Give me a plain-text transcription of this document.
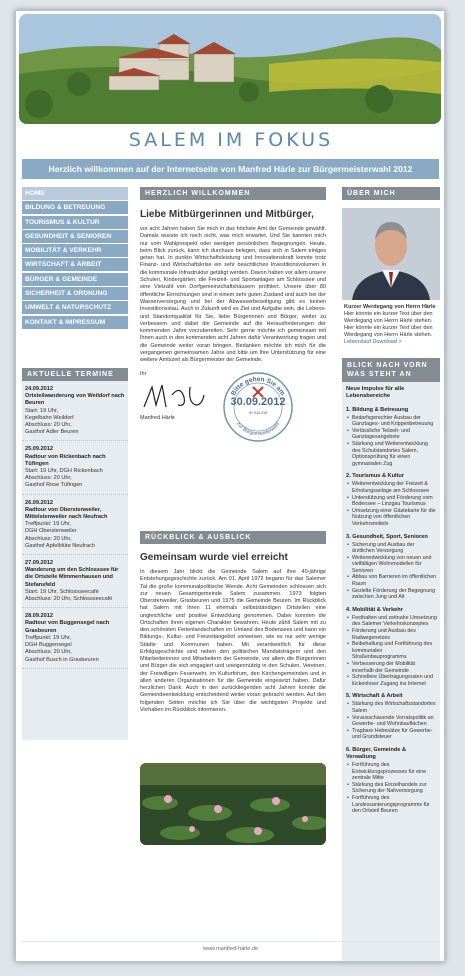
SALEM IM FOKUS
Herzlich willkommen auf der Internetseite von Manfred Härle zur Bürgermeisterwahl 2012
HOME
BILDUNG & BETREUUNG
TOURISMUS & KULTUR
GESUNDHEIT & SENIOREN
MOBILITÄT & VERKEHR
WIRTSCHAFT & ARBEIT
BÜRGER & GEMEINDE
SICHERHEIT & ORDNUNG
UMWELT & NATURSCHUTZ
KONTAKT & IMPRESSUM
AKTUELLE TERMINE
24.09.2012
Ortsteilwanderung von Weildorf nach Beuren
Start: 19 Uhr,
Kegelbahn Weildorf
Abschluss: 20 Uhr,
Gasthof Adler Beuren
25.09.2012
Radtour von Rickenbach nach Tüfingen
Start: 19 Uhr, DGH Rickenbach
Abschluss: 20 Uhr,
Gasthof Rose Tüfingen
26.09.2012
Radtour von Oberstenweiler, Mittelstenweiler nach Neufrach
Treffpunkt: 19 Uhr,
DGH Oberstenweiler
Abschluss: 20 Uhr,
Gasthof Apfelblüte Neufrach
27.09.2012
Wanderung um den Schlosssee für die Ortsteile Mimmenhausen und Stefansfeld
Start: 19 Uhr, Schlossseecafé
Abschluss: 20 Uhr, Schlossseecafé
28.09.2012
Radtour von Buggensegel nach Grasbeuren
Treffpunkt: 19 Uhr,
DGH Buggensegel
Abschluss: 20 Uhr,
Gasthof Busch in Grasbeuren
HERZLICH WILLKOMMEN
Liebe Mitbürgerinnen und Mitbürger,

vor acht Jahren haben Sie mich in das höchste Amt der Gemeinde gewählt. Damals wusste ich noch nicht, was mich erwartet. Und Sie kannten mich nur vom Wahlprospekt oder wenigen persönlichen Begegnungen. Heute, beim Blick zurück, kann ich durchaus belegen, dass sich in Salem einiges getan hat. In punkto Wirtschaftsleistung und Innovationskraft konnte trotz Finanz- und Wirtschaftskrise ein sehr beachtliches Investitionsvolumen in die kommunale Infrastruktur getätigt werden. Davon haben vor allem unsere Schulen, Kindergärten, die Freizeit- und Sportanlagen am Schlosssee und eine Vielzahl von Dorfgemeinschaftshäusern profitiert. Unsere über 80 öffentliche Einrichtungen sind in einem sehr guten Zustand und auch bei der Wasserversorgung und bei der Abwasserbeseitigung gibt es keinen Investitionsstau. Auch in Zukunft wird es Ziel und Aufgabe sein, die Lebens- und Standortqualität für Sie, liebe Bürgerinnen und Bürger, weiter zu verbessern und dabei die Gemeinde auf die Herausforderungen der kommenden Jahre vorzubereiten. Sehr gerne möchte ich gemeinsam mit Ihnen auch in den kommenden acht Jahren dafür Verantwortung tragen und die Gemeinde weiter voran bringen. Bedanken möchte ich mich für die vergangenen gemeinsamen Jahre und bitte um Ihre Unterstützung für eine weitere Amtszeit als Bürgermeister der Gemeinde.

Ihr
Manfred Härle
Bitte gehen Sie am
zur Bürgermeisterwahl
30.09.2012
IN SALEM
RÜCKBLICK & AUSBLICK
Gemeinsam wurde viel erreicht

In diesem Jahr blickt die Gemeinde Salem auf ihre 40-jährige Entstehungsgeschichte zurück. Am 01. April 1972 begann für das Salemer Tal die große kommunalpolitische Wende. Acht Gemeinden schlossen sich zur neuen Gesamtgemeinde Salem zusammen. 1973 folgten Oberstenweiler, Grasbeuren und 1975 die Gemeinde Beuren. Im Rückblick hat Salem mit ihren 11 ehemals selbstständigen Ortsteilen eine ungleichliche und positive Entwicklung genommen. Dabei konnten die Ortschaften ihren eigenen Charakter bewahren. Heute zählt Salem mit zu den schönsten Ferienlandschaften im Umland des Bodensees und kann ein Bildungs-, Kultur- und Freizeitangebot vorweisen, wie es nur sehr wenige Städte und Kommunen haben. Mit verantwortlich für diese Erfolgsgeschichte sind neben den politischen Mandatsträgern und den Mitarbeiterinnen und Mitarbeitern der Gemeinde, vor allem die Bürgerinnen und Bürger die sich engagiert und uneigennützig in den Schulen, Vereinen, der Freiwilligen Feuerwehr, im Kulturforum, den Kirchengemeinden und in allen anderen Organisationen für die Gemeinde eingesetzt haben. Dafür herzlichen Dank. Auch in den zurückliegenden acht Jahren konnte die Gemeindeentwicklung entscheidend weiter voran gebracht werden. Auf den folgenden Seiten möchte ich Sie über die wichtigsten Projekte und Vorhaben im Rückblick informieren.

ÜBER MICH
Kurzer Werdegang von Herrn Härle
Hier könnte ein kurzer Text über den Werdegang von Herrn Härle stehen. Hier könnte ein kurzer Text über den Werdegang von Herrn Härle stehen.
Lebenslauf Download >
BLICK NACH VORN WAS STEHT AN
Neue Impulse für alle Lebensbereiche
1. Bildung & Betreuung
• Bedarfsgerechter Ausbau der Ganztages- und Krippenbetreuung
• Verlässliche Teilzeit- und Ganztagesangebote
• Stärkung und Weiterentwicklung des Schulstandortes Salem, Optionsprüfung für einen gymnasialen Zug
2. Tourismus & Kultur
• Weiterentwicklung der Freizeit & Erholungsanlage am Schlosssee
• Unterstützung und Förderung vom Bodensee – Linzgau Tourismus
• Umsetzung einer Gästekarte für die Nutzung von öffentlichen Verkehrsmitteln
3. Gesundheit, Sport, Senioren
• Sicherung und Ausbau der ärztlichen Versorgung
• Weiterentwicklung von neuen und vielfältigen Wohnmodellen für Senioren
• Abbau von Barrieren im öffentlichen Raum
• Gezielte Förderung der Begegnung zwischen Jung und Alt
4. Mobilität & Verkehr
• Festhalten und zeitnahe Umsetzung des Salemer Verkehrskonzeptes
• Förderung und Ausbau des Radwegenetzes
• Beibehaltung und Fortführung des kommunalen Straßenbauprogramms
• Verbesserung der Mobilität innerhalb der Gemeinde
• Schnellere Übertragungsraten und lückenloser Zugang ins Internet
5. Wirtschaft & Arbeit
• Stärkung des Wirtschaftsstandortes Salem
• Vorausschauende Vorratspolitik an Gewerbe- und Wohnbauflächen
• Tragbare Hebesätze für Gewerbe- und Grundsteuer
6. Bürger, Gemeinde & Verwaltung
• Fortführung des Entwicklungsprozesses für eine zentrale Mitte
• Stärkung des Einzelhandels zur Sicherung der Nahversorgung
• Fortführung des Landessanierungsprogramms für den Ortsteil Beuren
www.manfred-härle.de
